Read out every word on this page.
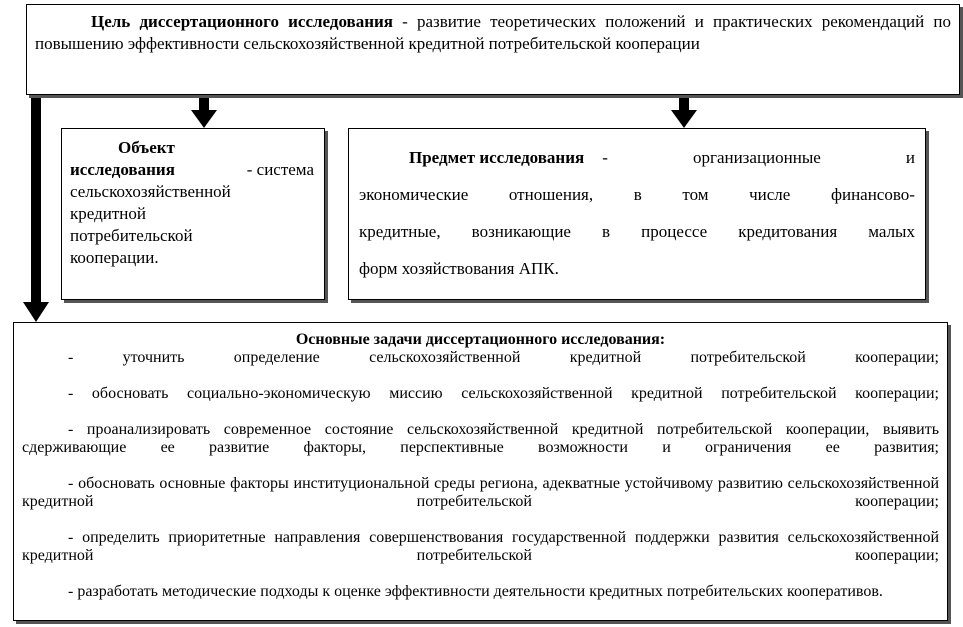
Цель диссертационного исследования - развитие теоретических положений и практических рекомендаций по повышению эффективности сельскохозяйственной кредитной потребительской кооперации
Объект
исследования	- система
сельскохозяйственной
кредитной
потребительской
кооперации.
Предмет исследования -	организационные	и
экономические отношения, в том числе финансово-
кредитные, возникающие в процессе кредитования малых
форм хозяйствования АПК.
Основные задачи диссертационного исследования:

- уточнить определение сельскохозяйственной кредитной потребительской кооперации;

- обосновать социально-экономическую миссию сельскохозяйственной кредитной потребительской кооперации;

- проанализировать современное состояние сельскохозяйственной кредитной потребительской кооперации, выявить сдерживающие ее развитие факторы, перспективные возможности и ограничения ее развития;

- обосновать основные факторы институциональной среды региона, адекватные устойчивому развитию сельскохозяйственной кредитной потребительской кооперации;

- определить приоритетные направления совершенствования государственной поддержки развития сельскохозяйственной кредитной потребительской кооперации;

- разработать методические подходы к оценке эффективности деятельности кредитных потребительских кооперативов.
